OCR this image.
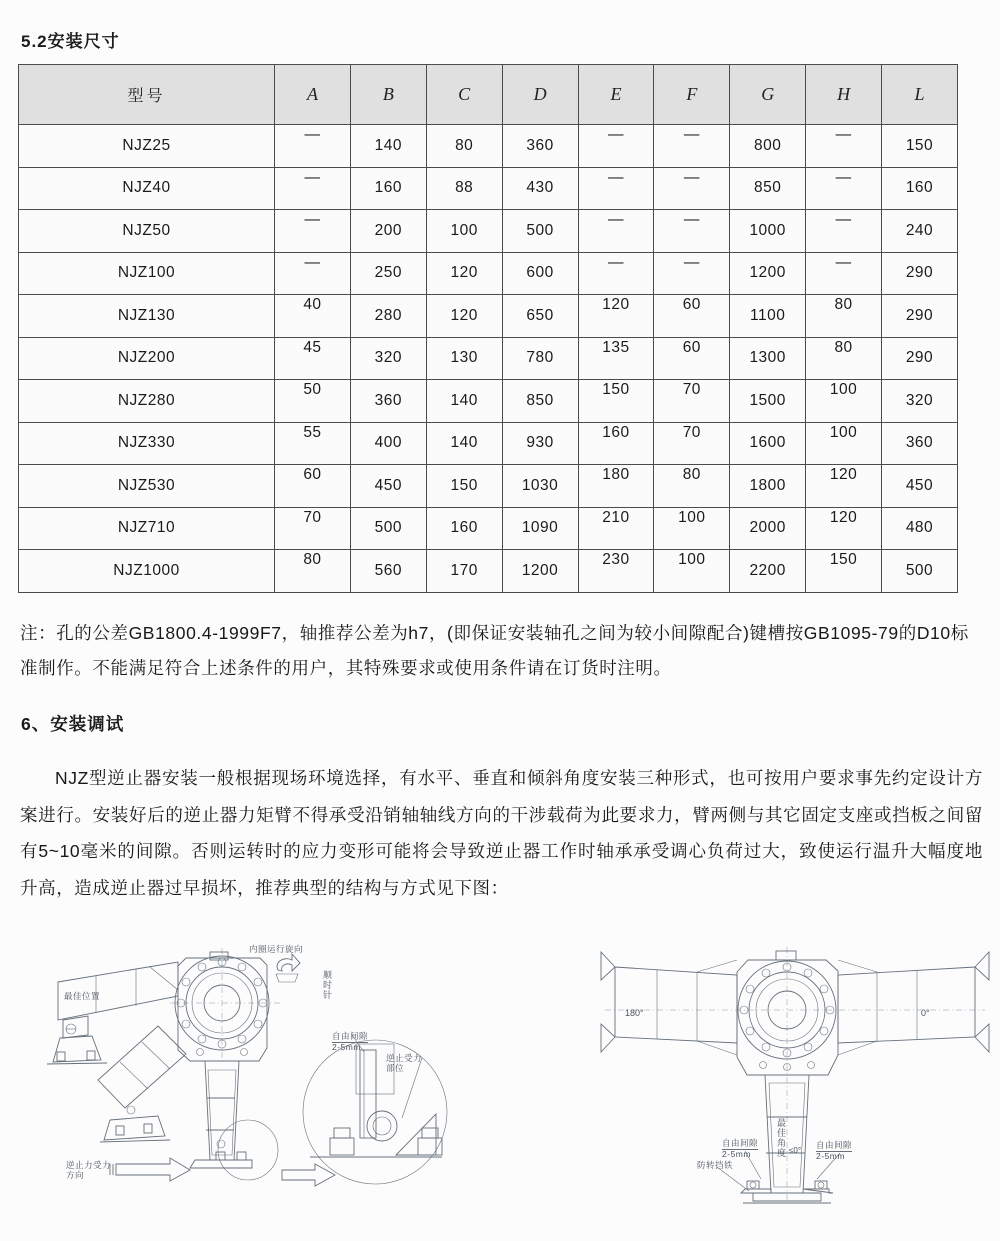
5.2安装尺寸
型号	A	B	C	D	E	F	G	H	L
NJZ25	—	140	80	360	—	—	800	—	150
NJZ40	—	160	88	430	—	—	850	—	160
NJZ50	—	200	100	500	—	—	1000	—	240
NJZ100	—	250	120	600	—	—	1200	—	290
NJZ130	40	280	120	650	120	60	1100	80	290
NJZ200	45	320	130	780	135	60	1300	80	290
NJZ280	50	360	140	850	150	70	1500	100	320
NJZ330	55	400	140	930	160	70	1600	100	360
NJZ530	60	450	150	1030	180	80	1800	120	450
NJZ710	70	500	160	1090	210	100	2000	120	480
NJZ1000	80	560	170	1200	230	100	2200	150	500
注：孔的公差GB1800.4-1999F7，轴推荐公差为h7，(即保证安装轴孔之间为较小间隙配合)键槽按GB1095-79的D10标准制作。不能满足符合上述条件的用户，其特殊要求或使用条件请在订货时注明。
6、安装调试
NJZ型逆止器安装一般根据现场环境选择，有水平、垂直和倾斜角度安装三种形式，也可按用户要求事先约定设计方案进行。安装好后的逆止器力矩臂不得承受沿销轴轴线方向的干涉载荷为此要求力，臂两侧与其它固定支座或挡板之间留有5~10毫米的间隙。否则运转时的应力变形可能将会导致逆止器工作时轴承承受调心负荷过大，致使运行温升大幅度地升高，造成逆止器过早损坏，推荐典型的结构与方式见下图：
内圈运行旋向
顺时针
最佳位置
逆止力受力
方向
自由间隙
2-5mm
逆止受力
部位
180°	0°
最佳角度 ≤0°
自由间隙
2-5mm
自由间隙
2-5mm
防转挡铁
